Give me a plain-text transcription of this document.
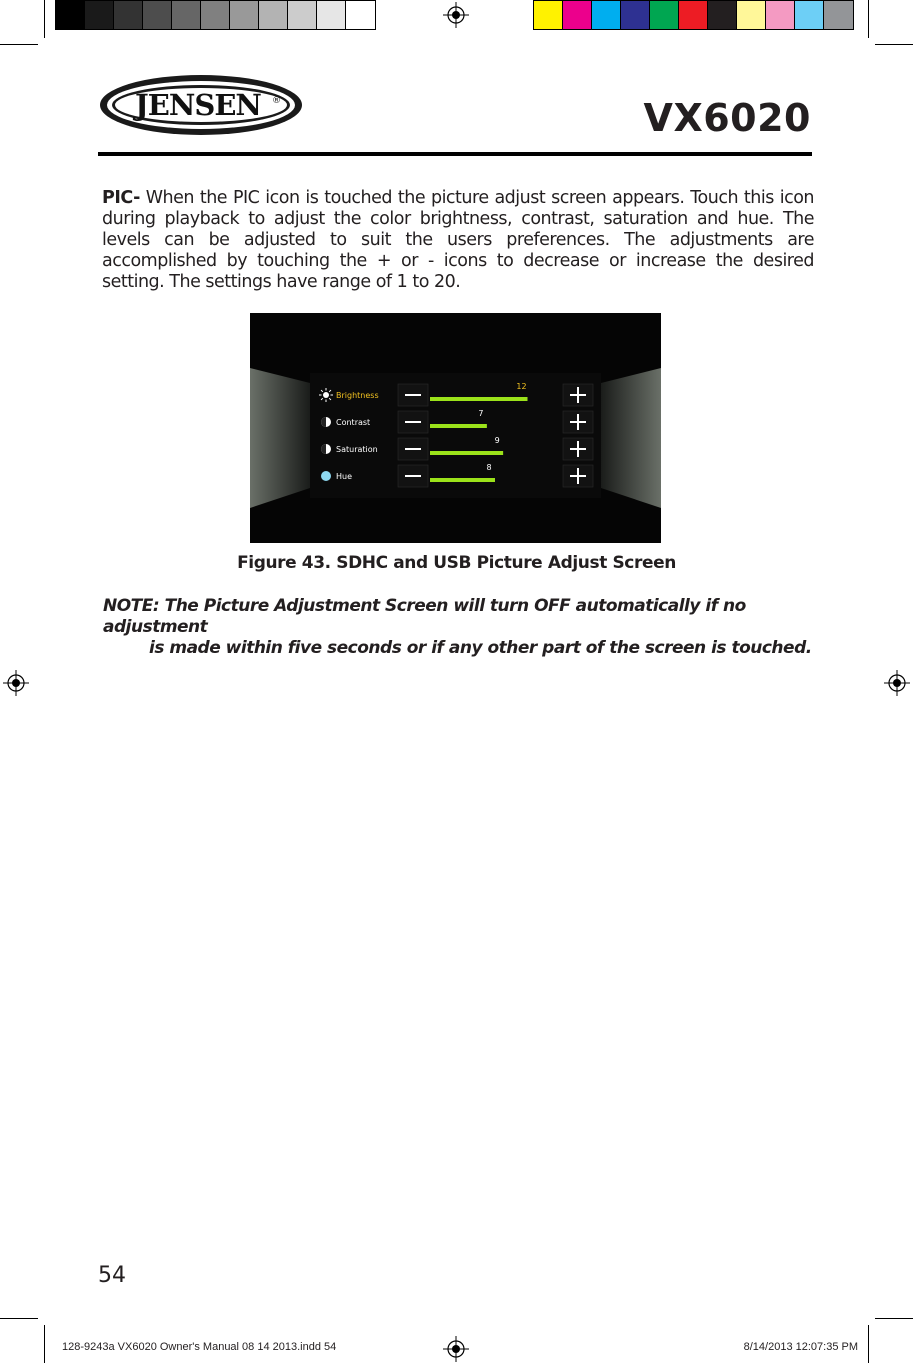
JENSEN ®	VX6020
PIC- When the PIC icon is touched the picture adjust screen appears. Touch this icon during playback to adjust the color brightness, contrast, saturation and hue. The levels can be adjusted to suit the users preferences. The adjustments are accomplished by touching the + or - icons to decrease or increase the desired setting. The settings have range of 1 to 20.
Brightness
12
Contrast
7
Saturation
9
Hue
8
Figure 43. SDHC and USB Picture Adjust Screen
NOTE: The Picture Adjustment Screen will turn OFF automatically if no adjustment
is made within five seconds or if any other part of the screen is touched.
54
128-9243a VX6020 Owner's Manual 08 14 2013.indd 54	8/14/2013 12:07:35 PM
